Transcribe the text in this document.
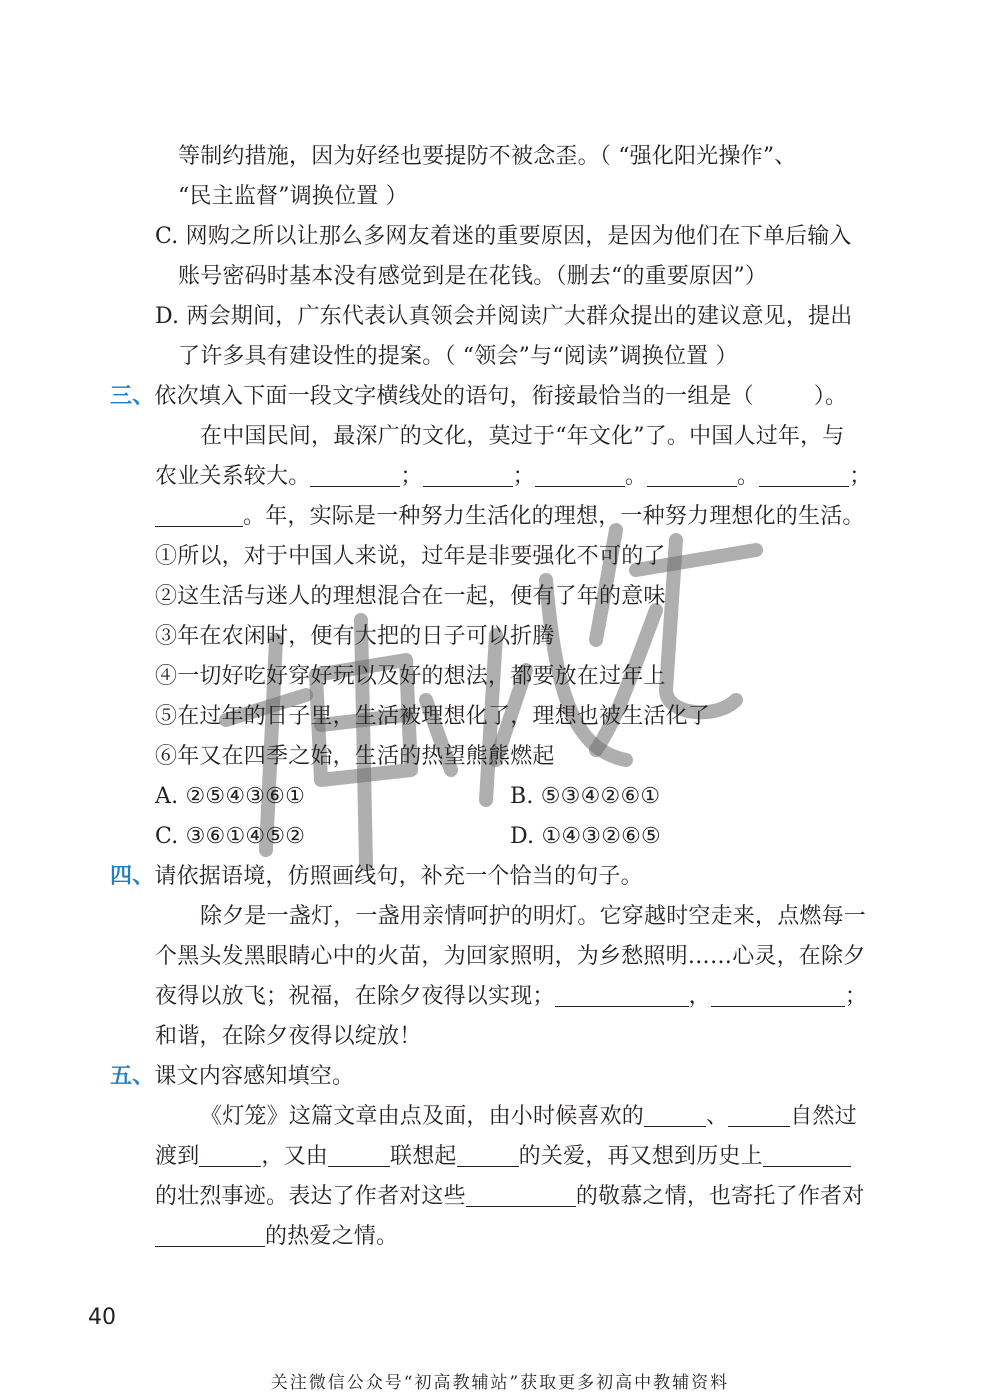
等制约措施，因为好经也要提防不被念歪。（ “强化阳光操作”、

“民主监督”调换位置 ）

C. 网购之所以让那么多网友着迷的重要原因，是因为他们在下单后输入

账号密码时基本没有感觉到是在花钱。（删去“的重要原因”）

D. 两会期间，广东代表认真领会并阅读广大群众提出的建议意见，提出

了许多具有建设性的提案。（ “领会”与“阅读”调换位置 ）

三、依次填入下面一段文字横线处的语句，衔接最恰当的一组是（	）。

在中国民间，最深广的文化，莫过于“年文化”了。中国人过年，与

农业关系较大。	；	；	。	。	；

。年，实际是一种努力生活化的理想，一种努力理想化的生活。

①所以，对于中国人来说，过年是非要强化不可的了

②这生活与迷人的理想混合在一起，便有了年的意味

③年在农闲时，便有大把的日子可以折腾

④一切好吃好穿好玩以及好的想法，都要放在过年上

⑤在过年的日子里，生活被理想化了，理想也被生活化了

⑥年又在四季之始，生活的热望熊熊燃起

A. ②⑤④③⑥①	B. ⑤③④②⑥①

C. ③⑥①④⑤②	D. ①④③②⑥⑤

四、请依据语境，仿照画线句，补充一个恰当的句子。

除夕是一盏灯，一盏用亲情呵护的明灯。它穿越时空走来，点燃每一

个黑头发黑眼睛心中的火苗，为回家照明，为乡愁照明……心灵，在除夕

夜得以放飞；祝福，在除夕夜得以实现；	，	；

和谐，在除夕夜得以绽放！

五、课文内容感知填空。

《灯笼》这篇文章由点及面，由小时候喜欢的	、	自然过

渡到	，又由	联想起	的关爱，再又想到历史上

的壮烈事迹。表达了作者对这些	的敬慕之情，也寄托了作者对

的热爱之情。

40
关注微信公众号“初高教辅站”获取更多初高中教辅资料
